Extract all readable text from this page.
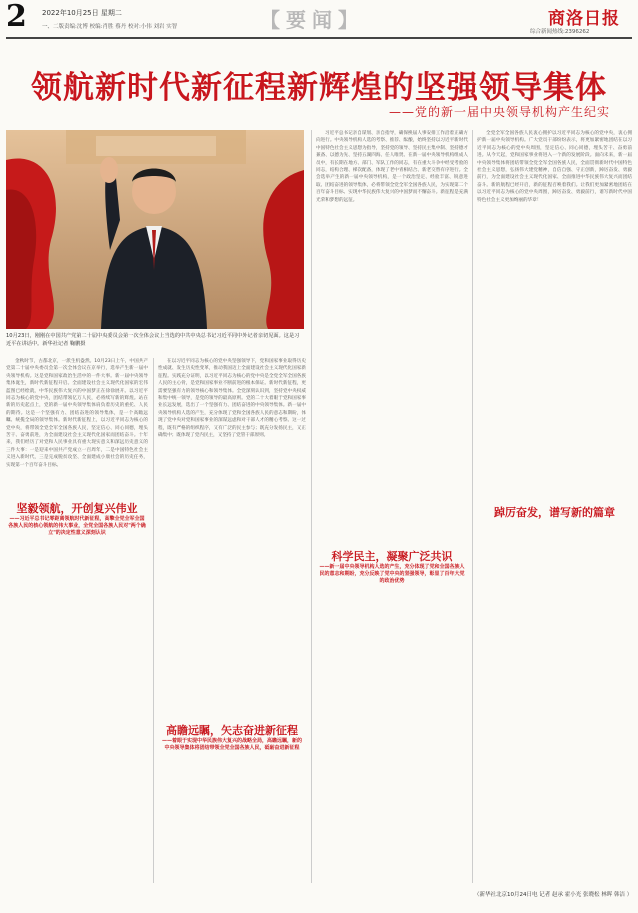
2 2022年10月25日 星期二
一、二版责编:沈博 校编:肖胜 蔡丹 校对:小伟 刘岩 实智	【要闻】	商洛日报
综合新闻热线:2396262
领航新时代新征程新辉煌的坚强领导集体
——党的新一届中央领导机构产生纪实
10月23日，刚刚在中国共产党第二十届中央委员会第一次全体会议上当选的中共中央总书记习近平同中外记者亲切见面。这是习近平在讲话中。新华社记者 鞠鹏摄

金秋时节，古都北京，一派生机盎然。10月23日上午，中国共产党第二十届中央委员会第一次全体会议在京举行，选举产生新一届中央领导机构。这是党和国家政治生活中的一件大事。新一届中央领导集体诞生，新时代新征程开启。全面建设社会主义现代化国家的宏伟蓝图已经绘就，中华民族伟大复兴的中国梦正在徐徐展开。以习近平同志为核心的党中央，团结带领亿万人民，必将续写新的辉煌。站在新的历史起点上，党的新一届中央领导集体肩负着历史的重托、人民的期待。这是一个坚强有力、团结奋进的领导集体，是一个高瞻远瞩、统揽全局的领导集体。新时代新征程上，以习近平同志为核心的党中央，将带领全党全军全国各族人民，坚定信心、同心同德，埋头苦干、奋勇前进，为全面建设社会主义现代化国家而团结奋斗。十年来，我们经历了对党和人民事业具有重大现实意义和深远历史意义的三件大事：一是迎来中国共产党成立一百周年，二是中国特色社会主义进入新时代，三是完成脱贫攻坚、全面建成小康社会的历史任务，实现第一个百年奋斗目标。

坚毅领航，开创复兴伟业
——习近平总书记零距离领航时代新征程，高擎全党全军全国各族人民的核心领航的伟大事业，全党全国各族人民对"两个确立"的决定性意义深刻认识

在以习近平同志为核心的党中央坚强领导下，党和国家事业取得历史性成就、发生历史性变革，推动我国迈上全面建设社会主义现代化国家新征程。实践充分证明，以习近平同志为核心的党中央是全党全军全国各族人民的主心骨，是党和国家事业不断前进的根本保证。新时代新征程，更需要坚强有力的领导核心和领导集体。全党深刻认识到，坚持党中央权威和集中统一领导，是党的领导的最高原则。党的二十大着眼于党和国家事业长远发展，选出了一个坚强有力、团结奋进的中央领导集体。新一届中央领导机构人选的产生，充分体现了党和全国各族人民的意志和期盼，体现了党中央对党和国家事业的深谋远虑和对干部人才的精心考察。这一过程，既有严格的组织程序，又有广泛的民主参与；既充分发扬民主，又正确集中；既体现了党内民主，又坚持了党管干部原则。

高瞻远瞩，矢志奋进新征程
——着眼于实现中华民族伟大复兴的战略全局，高瞻远瞩，新的中央领导集体将团结带领全党全国各族人民，砥砺奋进新征程

习近平总书记亲自谋划、亲自指导，确保换届人事安排工作沿着正确方向进行。中央领导机构人选的考察、推荐、酝酿，始终坚持以习近平新时代中国特色社会主义思想为指导，坚持党的领导、坚持民主集中制、坚持德才兼备、以德为先、坚持五湖四海、任人唯贤。在新一届中央领导机构组成人员中，有长期在地方、部门、军队工作的同志，有在重大斗争中经受考验的同志，结构合理、梯次配备，体现了老中青相结合、新老交替有序进行。全会选举产生的新一届中央领导机构，是一个政治坚定、经验丰富、锐意进取、团结奋进的领导集体，必将带领全党全军全国各族人民，为实现第二个百年奋斗目标、实现中华民族伟大复兴的中国梦而不懈奋斗。新征程是充满光荣和梦想的远征。

科学民主，凝聚广泛共识
——新一届中央领导机构人选的产生，充分体现了党和全国各族人民的意志和期盼，充分反映了党中央的坚强领导，彰显了百年大党的政治优势

全党全军全国各族人民衷心拥护以习近平同志为核心的党中央，衷心拥护新一届中央领导机构。广大党员干部纷纷表示，将更加紧密地团结在以习近平同志为核心的党中央周围，坚定信心、同心同德，埋头苦干、奋勇前进。从今天起，党和国家事业将进入一个新的发展阶段。面向未来，新一届中央领导集体将团结带领全党全军全国各族人民，全面贯彻新时代中国特色社会主义思想，弘扬伟大建党精神，自信自强、守正创新，踔厉奋发、勇毅前行，为全面建设社会主义现代化国家、全面推进中华民族伟大复兴而团结奋斗。新的航程已经开启，新的征程召唤着我们。让我们更加紧密地团结在以习近平同志为核心的党中央周围，踔厉奋发、勇毅前行，谱写新时代中国特色社会主义更加绚丽的华章！

踔厉奋发，谱写新的篇章
（新华社北京10月24日电 记者 赵承 霍小光 张晓松 林晖 韩洁 ）
